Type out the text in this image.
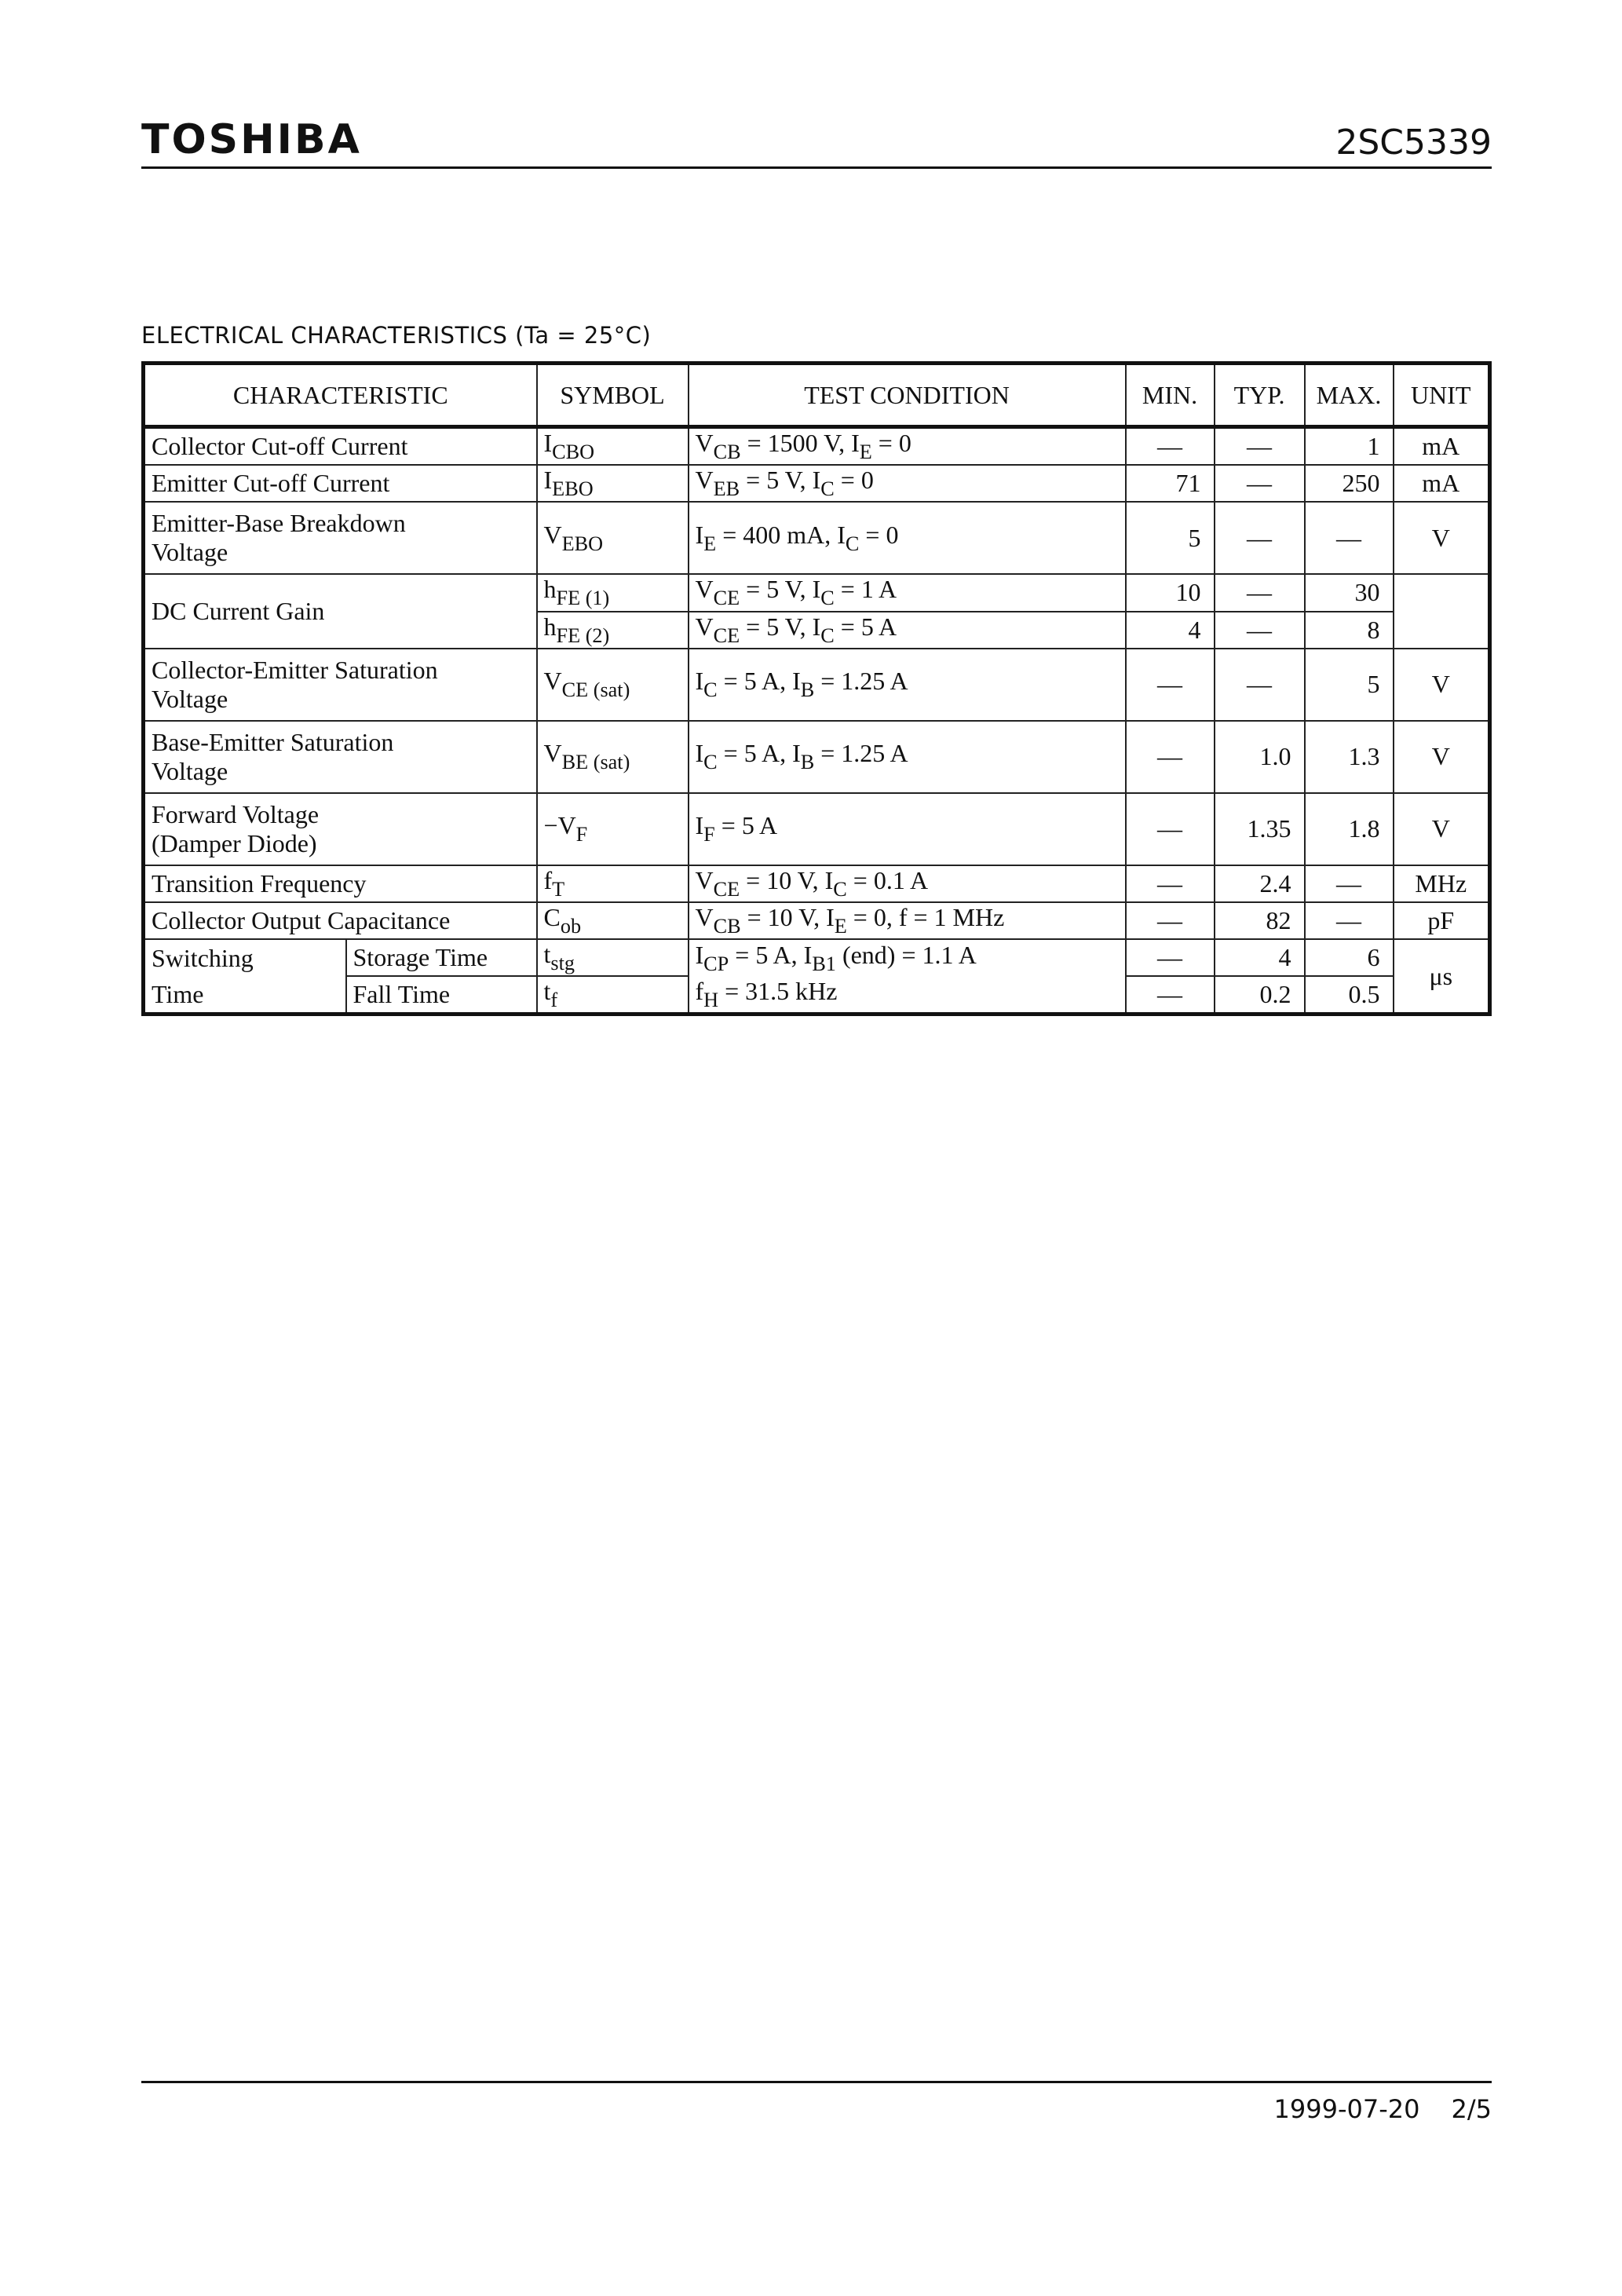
TOSHIBA	2SC5339
ELECTRICAL CHARACTERISTICS (Ta = 25°C)
CHARACTERISTIC		SYMBOL	TEST CONDITION	MIN.	TYP.	MAX.	UNIT
Collector Cut-off Current		$I_{CBO}$	$V_{CB} = 1500$ V, $I_E = 0$	—	—	1	mA
Emitter Cut-off Current		$I_{EBO}$	$V_{EB} = 5$ V, $I_C = 0$	71	—	250	mA

Emitter-Base Breakdown
Voltage		$V_{EBO}$	$I_E = 400$ mA, $I_C = 0$	5	—	—	V
DC Current Gain		$h_{FE (1)}$	$V_{CE} = 5$ V, $I_C = 1$ A	10	—	30	
		$h_{FE (2)}$	$V_{CE} = 5$ V, $I_C = 5$ A	4	—	8	

Collector-Emitter Saturation
Voltage		$V_{CE (sat)}$	$I_C = 5$ A, $I_B = 1.25$ A	—	—	5	V

Base-Emitter Saturation
Voltage		$V_{BE (sat)}$	$I_C = 5$ A, $I_B = 1.25$ A	—	1.0	1.3	V

Forward Voltage
(Damper Diode)		$-V_F$	$I_F = 5$ A	—	1.35	1.8	V
Transition Frequency		$f_T$	$V_{CE} = 10$ V, $I_C = 0.1$ A	—	2.4	—	MHz
Collector Output Capacitance		$C_{ob}$	$V_{CB} = 10$ V, $I_E = 0$, f = 1 MHz	—	82	—	pF
Switching	Storage Time	$t_{stg}$	$I_{CP} = 5$ A, $I_{B1}$ (end) = 1.1 A	—	4	6	μs
Time	Fall Time	$t_f$	$f_H = 31.5$ kHz	—	0.2	0.5	
1999-07-20 2/5
